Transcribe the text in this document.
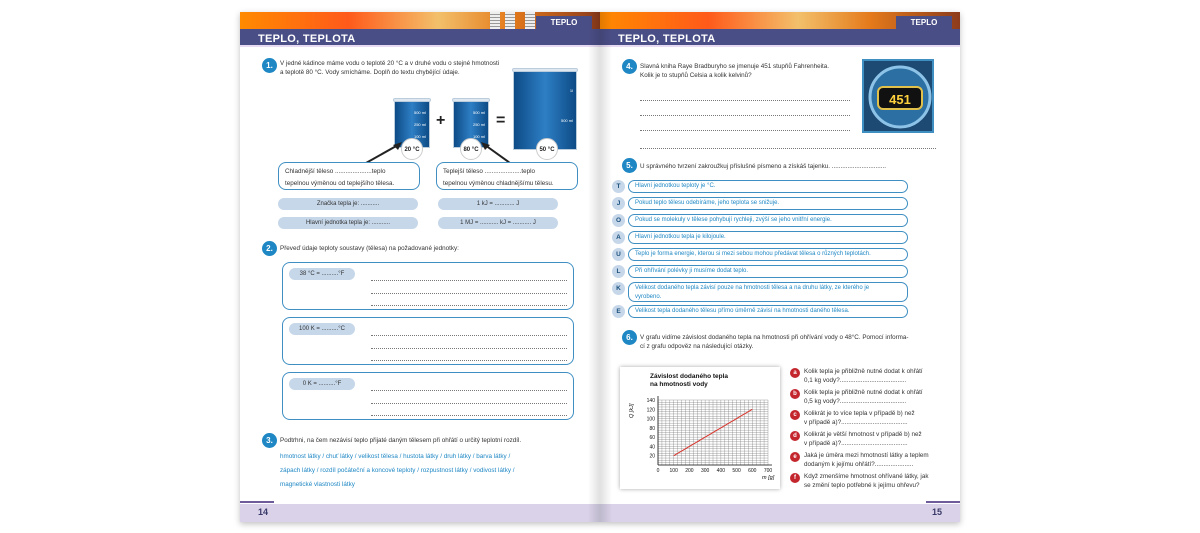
TEPLO
TEPLO, TEPLOTA
1.	V jedné kádince máme vodu o teplotě 20 °C a v druhé vodu o stejné hmotnosti a teplotě 80 °C. Vody smícháme. Doplň do textu chybějící údaje.
500 ml
250 ml
100 ml
20 °C
+	500 ml
250 ml
100 ml
80 °C
=
1l
500 ml
50 °C
Chladnější těleso .....................teplo
tepelnou výměnou od teplejšího tělesa.
Teplejší těleso .....................teplo
tepelnou výměnou chladnějšímu tělesu.
Značka tepla je: ...........	1 kJ = ............ J
Hlavní jednotka tepla je: ...........	1 MJ = ........... kJ = ........... J
2.	Převeď údaje teploty soustavy (tělesa) na požadované jednotky:
38 °C = ..........°F
100 K = ..........°C
0 K = ..........°F
3.	Podtrhni, na čem nezávisí teplo přijaté daným tělesem při ohřátí o určitý teplotní rozdíl.
hmotnost látky / chuť látky / velikost tělesa / hustota látky / druh látky / barva látky /
zápach látky / rozdíl počáteční a koncové teploty / rozpustnost látky / vodivost látky /
magnetické vlastnosti látky
14
TEPLO
TEPLO, TEPLOTA
4.	Slavná kniha Raye Bradburyho se jmenuje 451 stupňů Fahrenheita.
Kolik je to stupňů Celsia a kolik kelvinů?
451
5.	U správného tvrzení zakroužkuj příslušné písmeno a získáš tajenku. ...............................
T	Hlavní jednotkou teploty je °C.
J	Pokud teplo tělesu odebíráme, jeho teplota se snižuje.
O	Pokud se molekuly v tělese pohybují rychleji, zvýší se jeho vnitřní energie.
A	Hlavní jednotkou tepla je kilojoule.
U	Teplo je forma energie, kterou si mezi sebou mohou předávat tělesa o různých teplotách.
L	Při ohřívání polévky ji musíme dodat teplo.
K	Velikost dodaného tepla závisí pouze na hmotnosti tělesa a na druhu látky, ze kterého je
vyrobeno.
E	Velikost tepla dodaného tělesu přímo úměrně závisí na hmotnosti daného tělesa.
6.	V grafu vidíme závislost dodaného tepla na hmotnosti při ohřívání vody o 48°C. Pomocí informa-
cí z grafu odpověz na následující otázky.
Závislost dodaného tepla
na hmotnosti vody
0 100 200 300 400 500 600 700
20
40
60
80
100
120
140
m [g]
Q [kJ]
a	Kolik tepla je přibližně nutné dodat k ohřátí
0,1 kg vody?......................................
b	Kolik tepla je přibližně nutné dodat k ohřátí
0,5 kg vody?......................................
c	Kolikrát je to více tepla v případě b) než
v případě a)?......................................
d	Kolikrát je větší hmotnost v případě b) než
v případě a)?......................................
e	Jaká je úměra mezi hmotností látky a teplem
dodaným k jejímu ohřátí?......................
f	Když zmenšíme hmotnost ohřívané látky, jak
se změní teplo potřebné k jejímu ohřevu?
15
